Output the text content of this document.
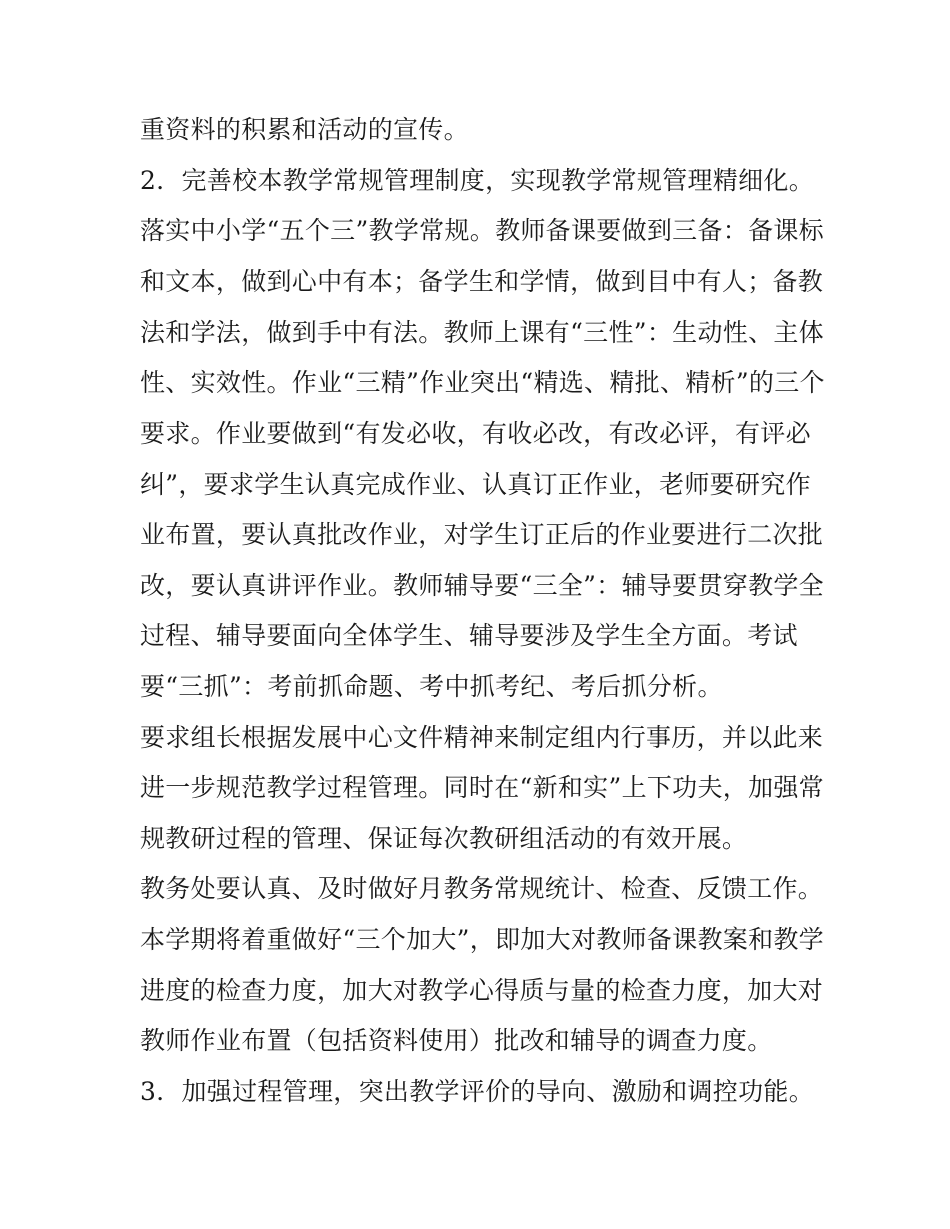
重资料的积累和活动的宣传。
2．完善校本教学常规管理制度，实现教学常规管理精细化。
落实中小学“五个三”教学常规。教师备课要做到三备：备课标
和文本，做到心中有本；备学生和学情，做到目中有人；备教
法和学法，做到手中有法。教师上课有“三性”：生动性、主体
性、实效性。作业“三精”作业突出“精选、精批、精析”的三个
要求。作业要做到“有发必收，有收必改，有改必评，有评必
纠”，要求学生认真完成作业、认真订正作业，老师要研究作
业布置，要认真批改作业，对学生订正后的作业要进行二次批
改，要认真讲评作业。教师辅导要“三全”：辅导要贯穿教学全
过程、辅导要面向全体学生、辅导要涉及学生全方面。考试
要“三抓”：考前抓命题、考中抓考纪、考后抓分析。
要求组长根据发展中心文件精神来制定组内行事历，并以此来
进一步规范教学过程管理。同时在“新和实”上下功夫，加强常
规教研过程的管理、保证每次教研组活动的有效开展。
教务处要认真、及时做好月教务常规统计、检查、反馈工作。
本学期将着重做好“三个加大”，即加大对教师备课教案和教学
进度的检查力度，加大对教学心得质与量的检查力度，加大对
教师作业布置（包括资料使用）批改和辅导的调查力度。
3．加强过程管理，突出教学评价的导向、激励和调控功能。
